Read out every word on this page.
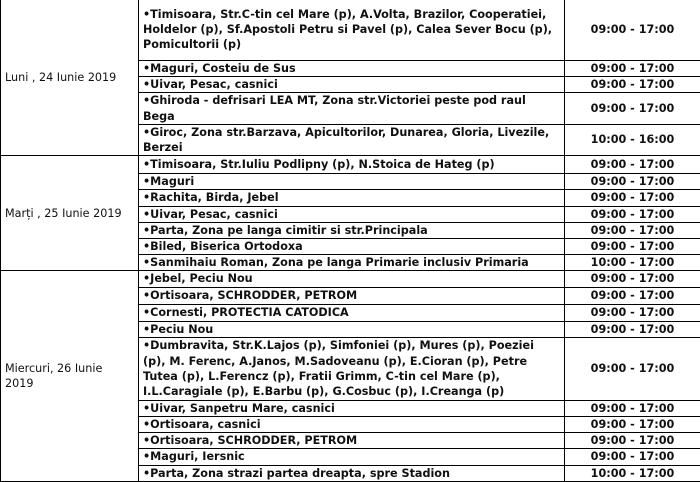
Luni , 24 Iunie 2019	•Timisoara, Str.C-tin cel Mare (p), A.Volta, Brazilor, Cooperatiei, Holdelor (p), Sf.Apostoli Petru si Pavel (p), Calea Sever Bocu (p), Pomicultorii (p)	09:00 - 17:00
	•Maguri, Costeiu de Sus	09:00 - 17:00
	•Uivar, Pesac, casnici	09:00 - 17:00
	•Ghiroda - defrisari LEA MT, Zona str.Victoriei peste pod raul Bega	09:00 - 17:00
	•Giroc, Zona str.Barzava, Apicultorilor, Dunarea, Gloria, Livezile, Berzei	10:00 - 16:00
Marți , 25 Iunie 2019	•Timisoara, Str.Iuliu Podlipny (p), N.Stoica de Hateg (p)	09:00 - 17:00
	•Maguri	09:00 - 17:00
	•Rachita, Birda, Jebel	09:00 - 17:00
	•Uivar, Pesac, casnici	09:00 - 17:00
	•Parta, Zona pe langa cimitir si str.Principala	09:00 - 17:00
	•Biled, Biserica Ortodoxa	09:00 - 17:00
	•Sanmihaiu Roman, Zona pe langa Primarie inclusiv Primaria	10:00 - 17:00
Miercuri, 26 Iunie 2019	•Jebel, Peciu Nou	09:00 - 17:00
	•Ortisoara, SCHRODDER, PETROM	09:00 - 17:00
	•Cornesti, PROTECTIA CATODICA	09:00 - 17:00
	•Peciu Nou	09:00 - 17:00
	•Dumbravita, Str.K.Lajos (p), Simfoniei (p), Mures (p), Poeziei (p), M. Ferenc, A.Janos, M.Sadoveanu (p), E.Cioran (p), Petre Tutea (p), L.Ferencz (p), Fratii Grimm, C-tin cel Mare (p), I.L.Caragiale (p), E.Barbu (p), G.Cosbuc (p), I.Creanga (p)	09:00 - 17:00
	•Uivar, Sanpetru Mare, casnici	09:00 - 17:00
	•Ortisoara, casnici	09:00 - 17:00
	•Ortisoara, SCHRODDER, PETROM	09:00 - 17:00
	•Maguri, Iersnic	09:00 - 17:00
	•Parta, Zona strazi partea dreapta, spre Stadion	10:00 - 17:00
